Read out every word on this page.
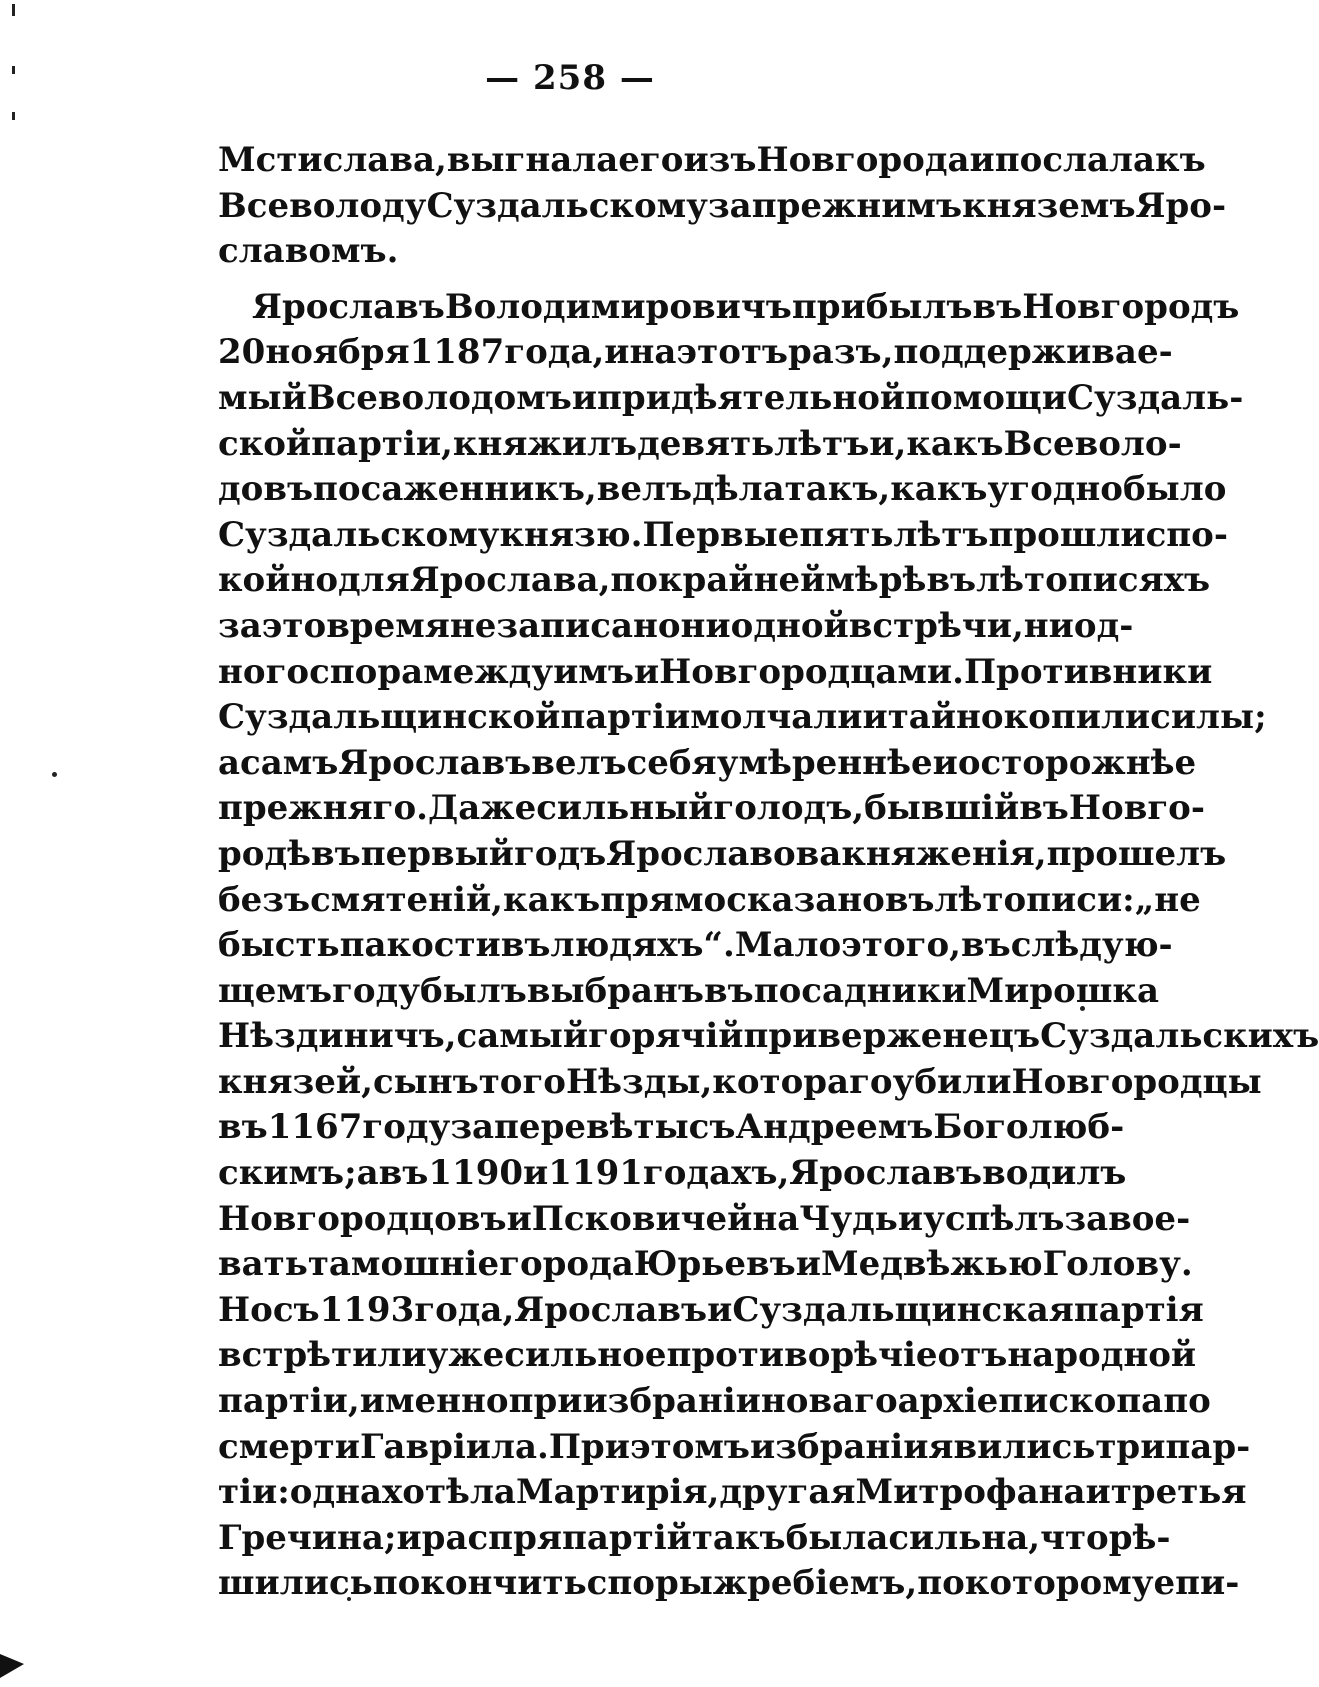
— 258 —
Мстислава, выгнала его изъ Новгорода и послала къ
Всеволоду Суздальскому за прежнимъ княземъ Яро-
славомъ.
Ярославъ Володимировичъ прибылъ въ Новгородъ
20 ноября 1187 года, и на этотъ разъ, поддерживае-
мый Всеволодомъ и при дѣятельной помощи Суздаль-
ской партіи, княжилъ девять лѣтъ и, какъ Всеволо-
довъ посаженникъ, велъ дѣла такъ, какъ угодно было
Суздальскому князю. Первые пять лѣтъ прошли спо-
койно для Ярослава, по крайней мѣрѣ въ лѣтописяхъ
за это время не записано ни одной встрѣчи, ни од-
ного спора между имъ и Новгородцами. Противники
Суздальщинской партіи молчали и тайно копили силы;
а самъ Ярославъ велъ себя умѣреннѣе и осторожнѣе
прежняго. Даже сильный голодъ, бывшій въ Новго-
родѣ въ первый годъ Ярославова княженія, прошелъ
безъ смятеній, какъ прямо сказано въ лѣтописи: „не
бысть пакости въ людяхъ“. Мало этого, въ слѣдую-
щемъ году былъ выбранъ въ посадники Мирошка
Нѣздиничъ, самый горячій приверженецъ Суздальскихъ
князей, сынъ того Нѣзды, котораго убили Новгородцы
въ 1167 году за перевѣты съ Андреемъ Боголюб-
скимъ; а въ 1190 и 1191 годахъ, Ярославъ водилъ
Новгородцовъ и Псковичей на Чудь и успѣлъ завое-
вать тамошніе города Юрьевъ и Медвѣжью Голову.
Но съ 1193 года, Ярославъ и Суздальщинская партія
встрѣтили уже сильное противорѣчіе отъ народной
партіи, именно при избраніи новаго архіепископа по
смерти Гавріила. При этомъ избраніи явились три пар-
тіи: одна хотѣла Мартирія, другая Митрофана и третья
Гречина; и распря партій такъ была сильна, что рѣ-
шились покончить споры жребіемъ, по которому епи-
